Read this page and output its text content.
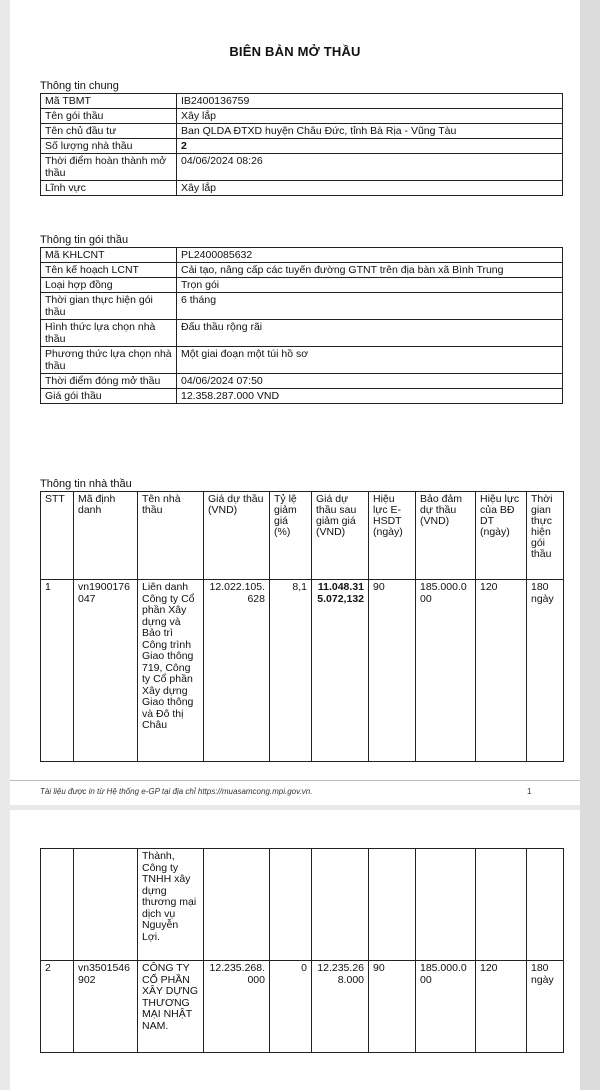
BIÊN BẢN MỞ THẦU
Thông tin chung
Mã TBMT	IB2400136759
Tên gói thầu	Xây lắp
Tên chủ đầu tư	Ban QLDA ĐTXD huyện Châu Đức, tỉnh Bà Rịa - Vũng Tàu
Số lượng nhà thầu	2
Thời điểm hoàn thành mở thầu	04/06/2024 08:26
Lĩnh vực	Xây lắp
Thông tin gói thầu
Mã KHLCNT	PL2400085632
Tên kế hoạch LCNT	Cải tạo, nâng cấp các tuyến đường GTNT trên địa bàn xã Bình Trung
Loại hợp đồng	Trọn gói
Thời gian thực hiện gói thầu	6 tháng
Hình thức lựa chọn nhà thầu	Đấu thầu rộng rãi
Phương thức lựa chọn nhà thầu	Một giai đoạn một túi hồ sơ
Thời điểm đóng mở thầu	04/06/2024 07:50
Giá gói thầu	12.358.287.000 VND
Thông tin nhà thầu
STT	Mã định danh	Tên nhà thầu	Giá dự thầu (VND)	Tỷ lệ giảm giá (%)	Giá dự thầu sau giảm giá (VND)	Hiệu lực E-HSDT (ngày)	Bảo đảm dự thầu (VND)	Hiệu lực của BĐ DT (ngày)	Thời gian thực hiện gói thầu
1	vn1900176047	Liên danh Công ty Cổ phần Xây dựng và Bảo trì Công trình Giao thông 719, Công ty Cổ phần Xây dựng Giao thông và Đô thị Châu	12.022.105.628	8,1	11.048.315.072,132	90	185.000.000	120	180 ngày
Tài liệu được in từ Hệ thống e-GP tại địa chỉ https://muasamcong.mpi.gov.vn.	1
		Thành, Công ty TNHH xây dựng thương mại dịch vụ Nguyễn Lợi.							
2	vn3501546902	CÔNG TY CỔ PHẦN XÂY DỰNG THƯƠNG MẠI NHẬT NAM.	12.235.268.000	0	12.235.268.000	90	185.000.000	120	180 ngày
